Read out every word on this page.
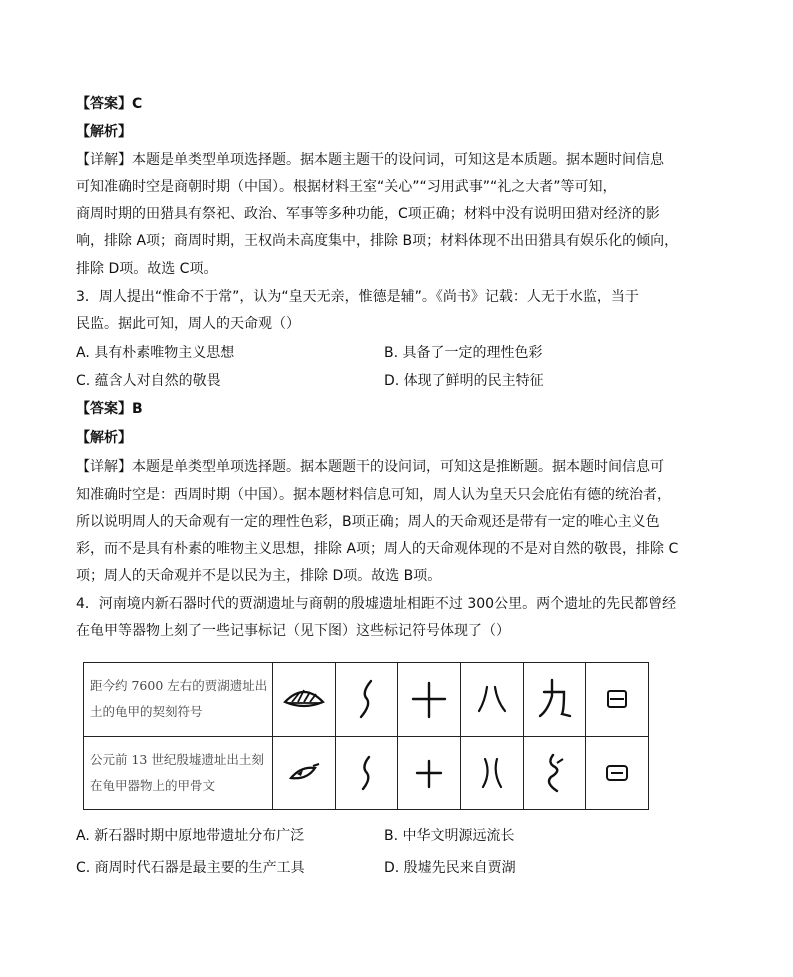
【答案】C
【解析】
【详解】本题是单类型单项选择题。据本题主题干的设问词，可知这是本质题。据本题时间信息
可知准确时空是商朝时期（中国）。根据材料王室“关心”“习用武事”“礼之大者”等可知，
商周时期的田猎具有祭祀、政治、军事等多种功能，C项正确；材料中没有说明田猎对经济的影
响，排除 A项；商周时期，王权尚未高度集中，排除 B项；材料体现不出田猎具有娱乐化的倾向，
排除 D项。故选 C项。
3．周人提出“惟命不于常”，认为“皇天无亲，惟德是辅”。《尚书》记载：人无于水监，当于
民监。据此可知，周人的天命观（）
A. 具有朴素唯物主义思想	B. 具备了一定的理性色彩
C. 蕴含人对自然的敬畏	D. 体现了鲜明的民主特征
【答案】B
【解析】
【详解】本题是单类型单项选择题。据本题题干的设问词，可知这是推断题。据本题时间信息可
知准确时空是：西周时期（中国）。据本题材料信息可知，周人认为皇天只会庇佑有德的统治者，
所以说明周人的天命观有一定的理性色彩，B项正确；周人的天命观还是带有一定的唯心主义色
彩，而不是具有朴素的唯物主义思想，排除 A项；周人的天命观体现的不是对自然的敬畏，排除 C
项；周人的天命观并不是以民为主，排除 D项。故选 B项。
4．河南境内新石器时代的贾湖遗址与商朝的殷墟遗址相距不过 300公里。两个遗址的先民都曾经
在龟甲等器物上刻了一些记事标记（见下图）这些标记符号体现了（）
距今约 7600 左右的贾湖遗址出
土的龟甲的契刻符号

公元前 13 世纪殷墟遗址出土刻
在龟甲器物上的甲骨文

A. 新石器时期中原地带遗址分布广泛	B. 中华文明源远流长
C. 商周时代石器是最主要的生产工具	D. 殷墟先民来自贾湖
